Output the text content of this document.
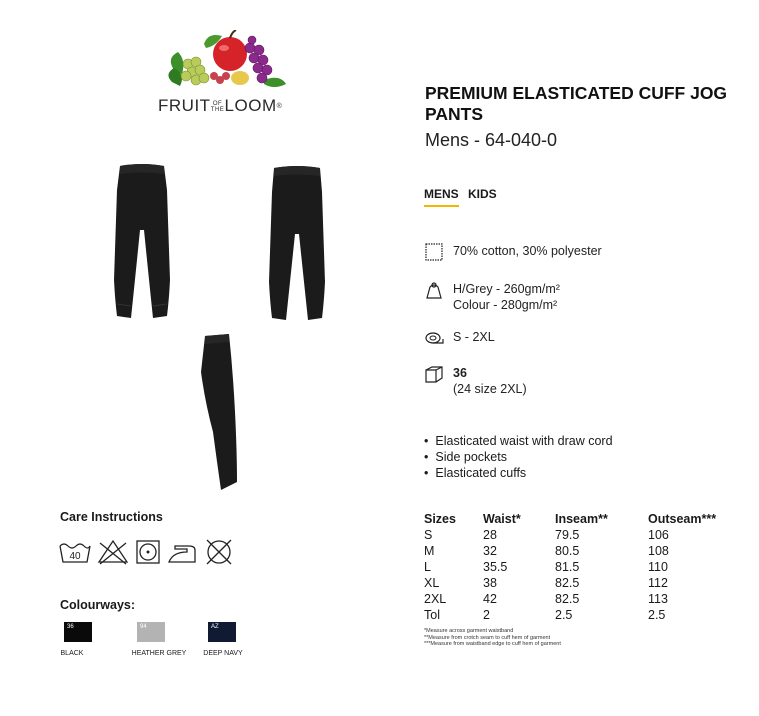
FRUIT OF
THELOOM®
PREMIUM ELASTICATED CUFF JOG PANTS
Mens - 64-040-0
MENS KIDS
70% cotton, 30% polyester
H/Grey - 260gm/m²
Colour - 280gm/m²
S - 2XL
36
(24 size 2XL)
• Elasticated waist with draw cord
• Side pockets
• Elasticated cuffs
Sizes	Waist*	Inseam**	Outseam***
S	28	79.5	106
M	32	80.5	108
L	35.5	81.5	110
XL	38	82.5	112
2XL	42	82.5	113
Tol	2	2.5	2.5
*Measure across garment waistband
**Measure from crotch seam to cuff hem of garment
***Measure from waistband edge to cuff hem of garment
Care Instructions
40
Colourways:
36
BLACK
94
HEATHER GREY
AZ
DEEP NAVY
